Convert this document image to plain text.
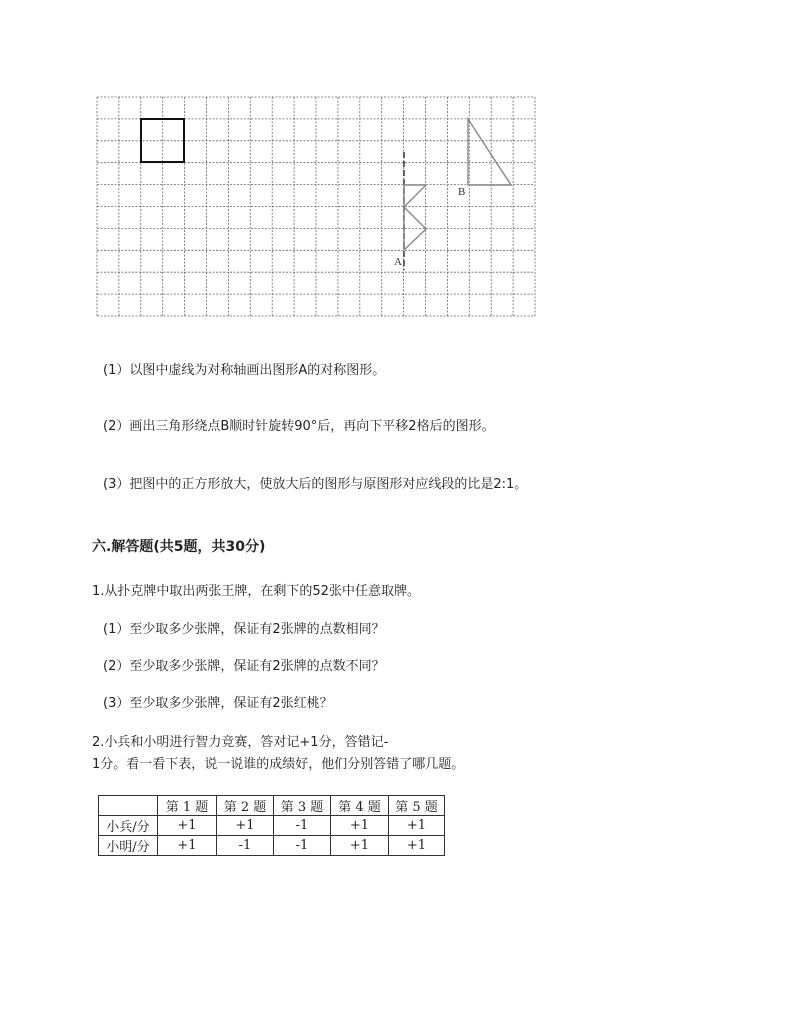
A
B
(1）以图中虚线为对称轴画出图形A的对称图形。
(2）画出三角形绕点B顺时针旋转90°后，再向下平移2格后的图形。
(3）把图中的正方形放大，使放大后的图形与原图形对应线段的比是2:1。
六.解答题(共5题，共30分)
1.从扑克牌中取出两张王牌，在剩下的52张中任意取牌。
(1）至少取多少张牌，保证有2张牌的点数相同？
(2）至少取多少张牌，保证有2张牌的点数不同？
(3）至少取多少张牌，保证有2张红桃？
2.小兵和小明进行智力竞赛，答对记+1分，答错记-
1分。看一看下表，说一说谁的成绩好，他们分别答错了哪几题。
	第 1 题	第 2 题	第 3 题	第 4 题	第 5 题
小兵/分	+1	+1	-1	+1	+1
小明/分	+1	-1	-1	+1	+1
